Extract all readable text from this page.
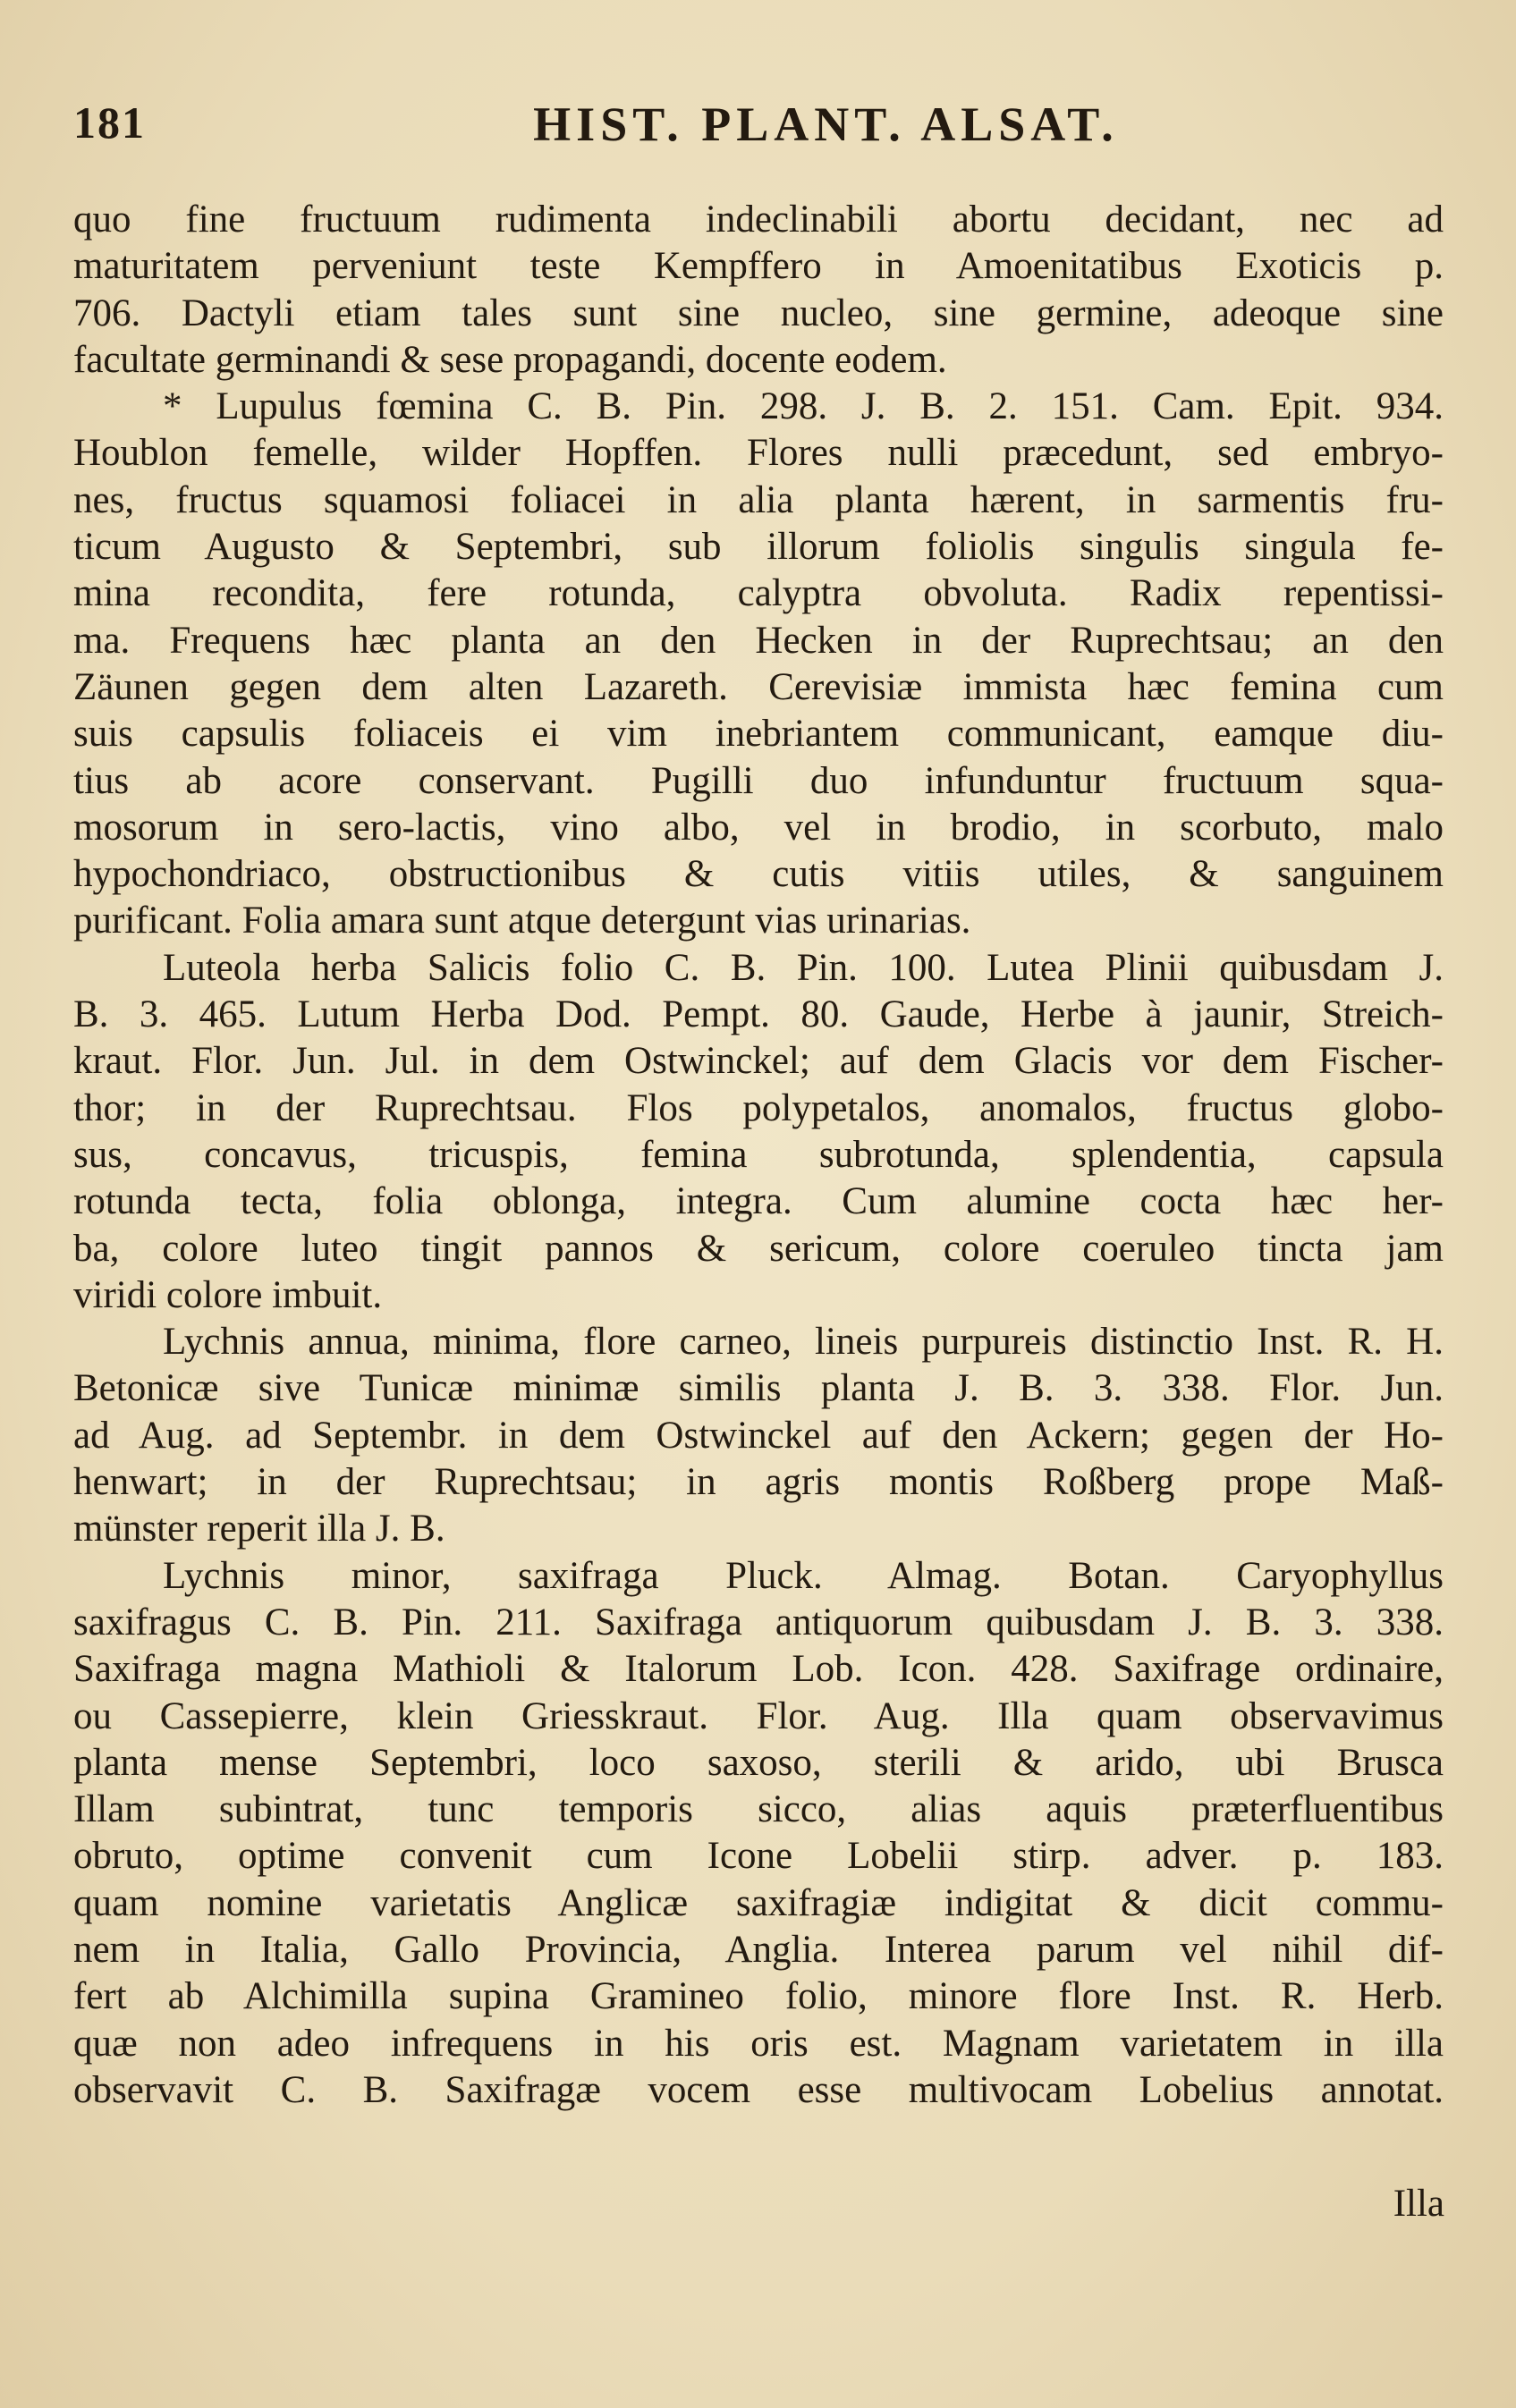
181	HIST. PLANT. ALSAT.
quo fine fructuum rudimenta indeclinabili abortu decidant, nec ad
maturitatem perveniunt teste Kempffero in Amoenitatibus Exoticis p.
706. Dactyli etiam tales sunt sine nucleo, sine germine, adeoque sine
facultate germinandi & sese propagandi, docente eodem.
* Lupulus fœmina C. B. Pin. 298. J. B. 2. 151. Cam. Epit. 934.
Houblon femelle, wilder Hopffen. Flores nulli præcedunt, sed embryo-
nes, fructus squamosi foliacei in alia planta hærent, in sarmentis fru-
ticum Augusto & Septembri, sub illorum foliolis singulis singula fe-
mina recondita, fere rotunda, calyptra obvoluta. Radix repentissi-
ma. Frequens hæc planta an den Hecken in der Ruprechtsau; an den
Zäunen gegen dem alten Lazareth. Cerevisiæ immista hæc femina cum
suis capsulis foliaceis ei vim inebriantem communicant, eamque diu-
tius ab acore conservant. Pugilli duo infunduntur fructuum squa-
mosorum in sero-lactis, vino albo, vel in brodio, in scorbuto, malo
hypochondriaco, obstructionibus & cutis vitiis utiles, & sanguinem
purificant. Folia amara sunt atque detergunt vias urinarias.
Luteola herba Salicis folio C. B. Pin. 100. Lutea Plinii quibusdam J.
B. 3. 465. Lutum Herba Dod. Pempt. 80. Gaude, Herbe à jaunir, Streich-
kraut. Flor. Jun. Jul. in dem Ostwinckel; auf dem Glacis vor dem Fischer-
thor; in der Ruprechtsau. Flos polypetalos, anomalos, fructus globo-
sus, concavus, tricuspis, femina subrotunda, splendentia, capsula
rotunda tecta, folia oblonga, integra. Cum alumine cocta hæc her-
ba, colore luteo tingit pannos & sericum, colore coeruleo tincta jam
viridi colore imbuit.
Lychnis annua, minima, flore carneo, lineis purpureis distinctio Inst. R. H.
Betonicæ sive Tunicæ minimæ similis planta J. B. 3. 338. Flor. Jun.
ad Aug. ad Septembr. in dem Ostwinckel auf den Ackern; gegen der Ho-
henwart; in der Ruprechtsau; in agris montis Roßberg prope Maß-
münster reperit illa J. B.
Lychnis minor, saxifraga Pluck. Almag. Botan. Caryophyllus
saxifragus C. B. Pin. 211. Saxifraga antiquorum quibusdam J. B. 3. 338.
Saxifraga magna Mathioli & Italorum Lob. Icon. 428. Saxifrage ordinaire,
ou Cassepierre, klein Griesskraut. Flor. Aug. Illa quam observavimus
planta mense Septembri, loco saxoso, sterili & arido, ubi Brusca
Illam subintrat, tunc temporis sicco, alias aquis præterfluentibus
obruto, optime convenit cum Icone Lobelii stirp. adver. p. 183.
quam nomine varietatis Anglicæ saxifragiæ indigitat & dicit commu-
nem in Italia, Gallo Provincia, Anglia. Interea parum vel nihil dif-
fert ab Alchimilla supina Gramineo folio, minore flore Inst. R. Herb.
quæ non adeo infrequens in his oris est. Magnam varietatem in illa
observavit C. B. Saxifragæ vocem esse multivocam Lobelius annotat.
Illa
